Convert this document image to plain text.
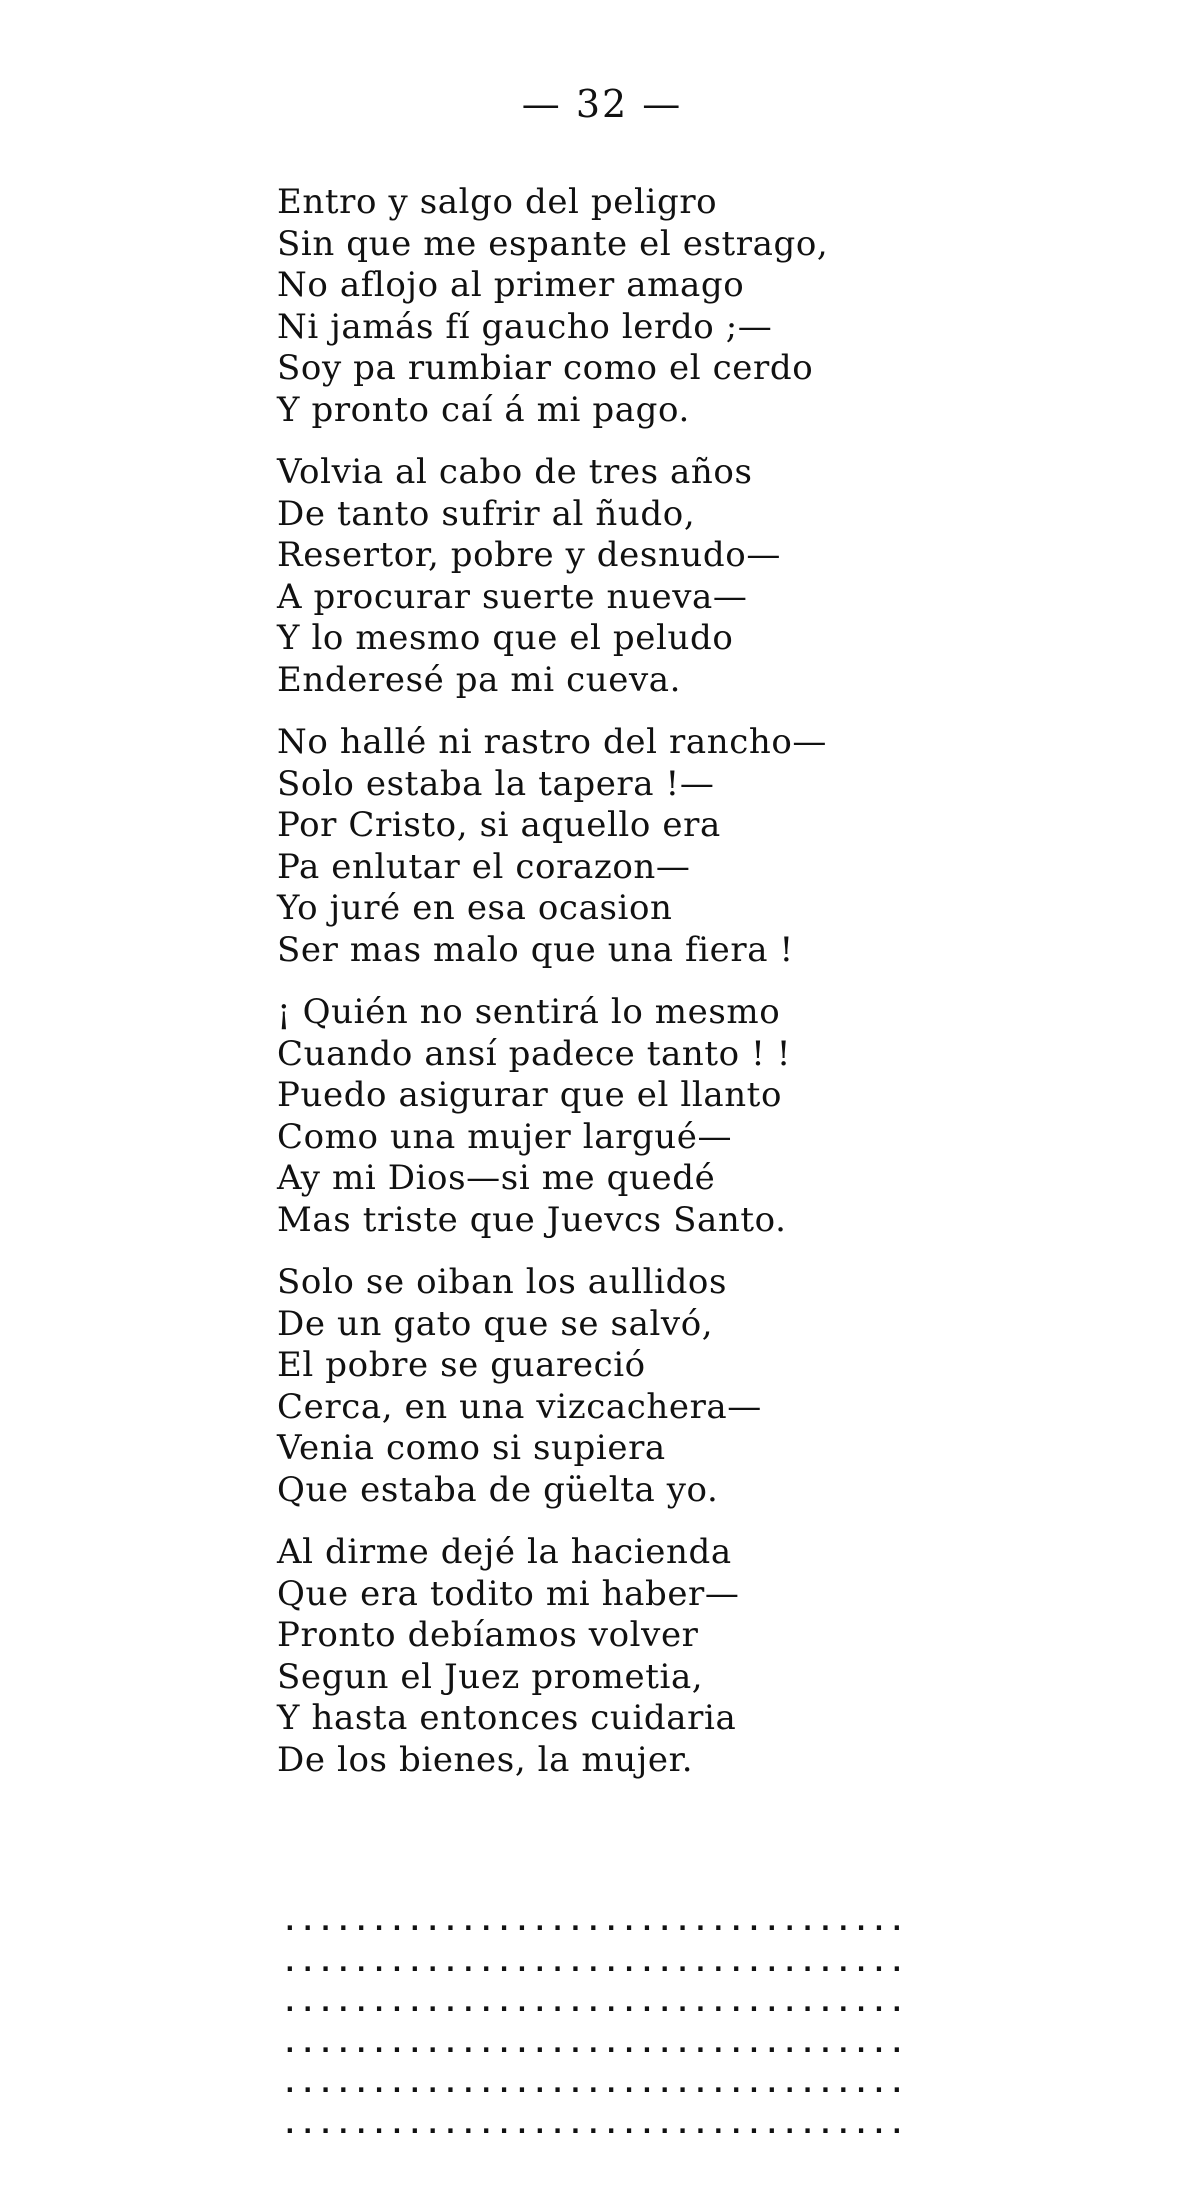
— 32 —
Entro y salgo del peligro
Sin que me espante el estrago,
No aflojo al primer amago
Ni jamás fí gaucho lerdo ;—
Soy pa rumbiar como el cerdo
Y pronto caí á mi pago.
Volvia al cabo de tres años
De tanto sufrir al ñudo,
Resertor, pobre y desnudo—
A procurar suerte nueva—
Y lo mesmo que el peludo
Enderesé pa mi cueva.
No hallé ni rastro del rancho—
Solo estaba la tapera !—
Por Cristo, si aquello era
Pa enlutar el corazon—
Yo juré en esa ocasion
Ser mas malo que una fiera !
¡ Quién no sentirá lo mesmo
Cuando ansí padece tanto ! !
Puedo asigurar que el llanto
Como una mujer largué—
Ay mi Dios—si me quedé
Mas triste que Juevcs Santo.
Solo se oiban los aullidos
De un gato que se salvó,
El pobre se guareció
Cerca, en una vizcachera—
Venia como si supiera
Que estaba de güelta yo.
Al dirme dejé la hacienda
Que era todito mi haber—
Pronto debíamos volver
Segun el Juez prometia,
Y hasta entonces cuidaria
De los bienes, la mujer.
...................................
...................................
...................................
...................................
...................................
...................................
